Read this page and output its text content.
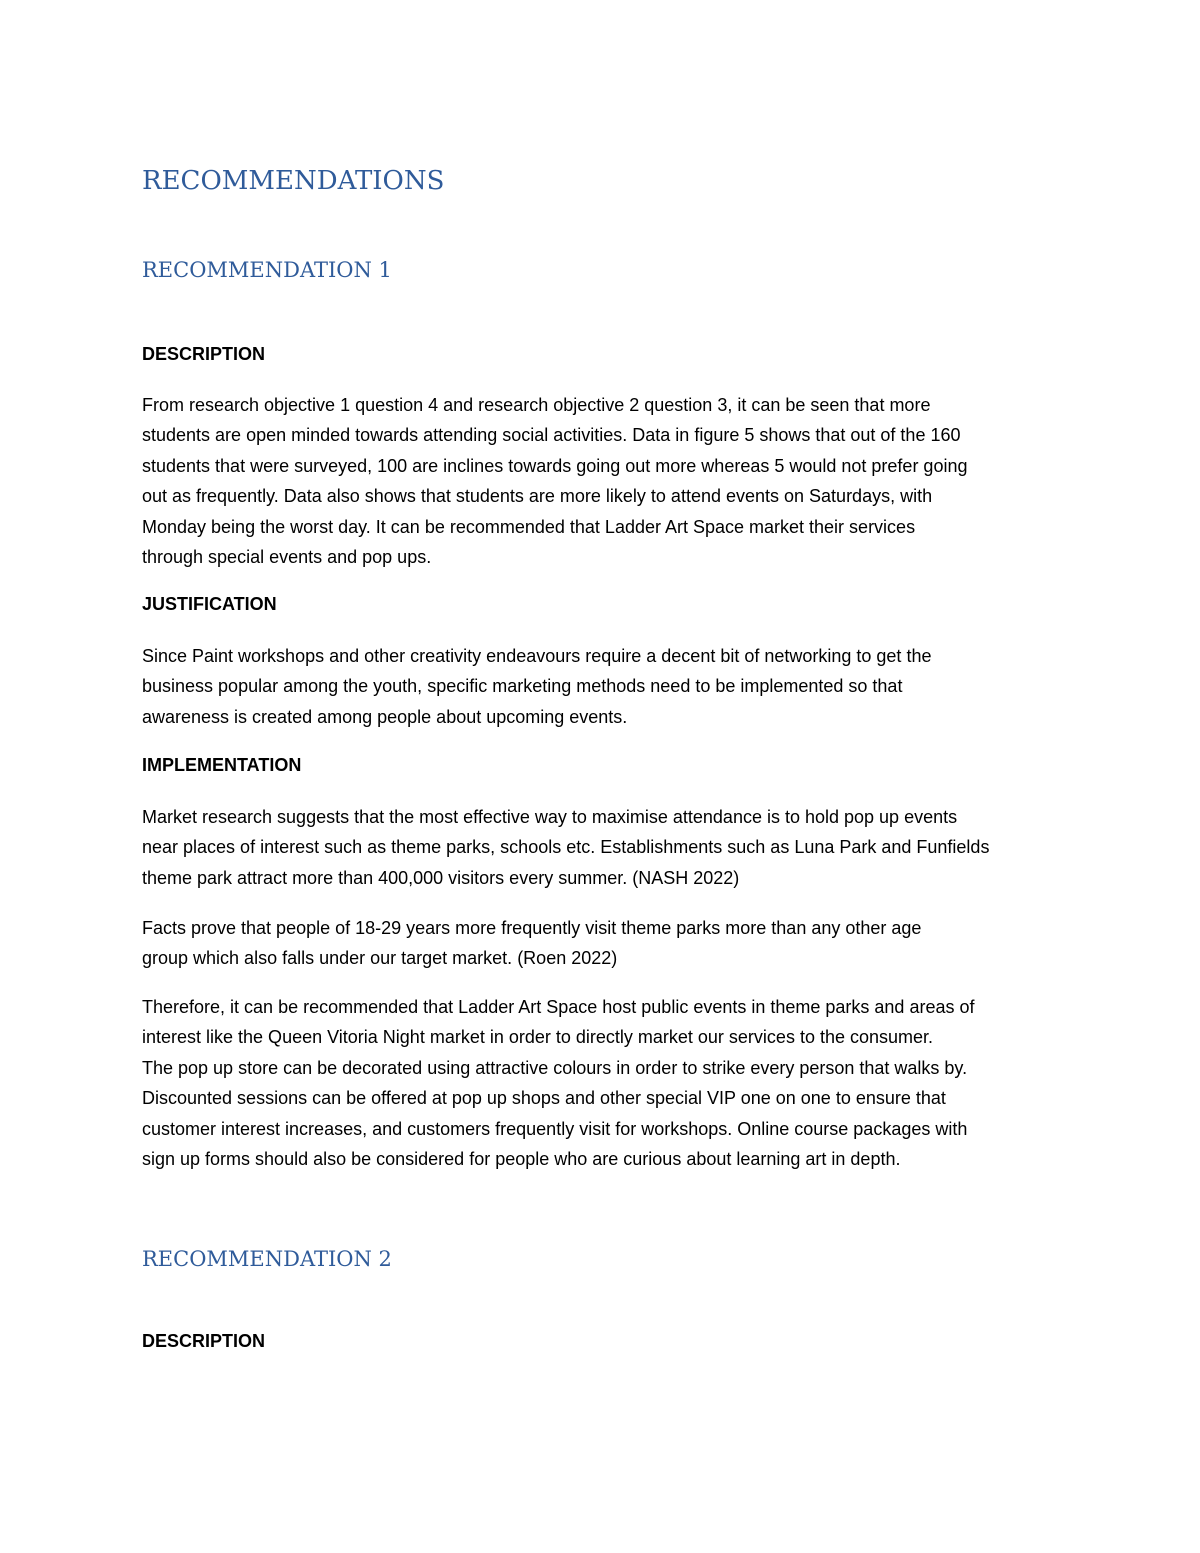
RECOMMENDATIONS
RECOMMENDATION 1
DESCRIPTION

From research objective 1 question 4 and research objective 2 question 3, it can be seen that more
students are open minded towards attending social activities. Data in figure 5 shows that out of the 160
students that were surveyed, 100 are inclines towards going out more whereas 5 would not prefer going
out as frequently. Data also shows that students are more likely to attend events on Saturdays, with
Monday being the worst day. It can be recommended that Ladder Art Space market their services
through special events and pop ups.

JUSTIFICATION

Since Paint workshops and other creativity endeavours require a decent bit of networking to get the
business popular among the youth, specific marketing methods need to be implemented so that
awareness is created among people about upcoming events.

IMPLEMENTATION

Market research suggests that the most effective way to maximise attendance is to hold pop up events
near places of interest such as theme parks, schools etc. Establishments such as Luna Park and Funfields
theme park attract more than 400,000 visitors every summer. (NASH 2022)

Facts prove that people of 18-29 years more frequently visit theme parks more than any other age
group which also falls under our target market. (Roen 2022)

Therefore, it can be recommended that Ladder Art Space host public events in theme parks and areas of
interest like the Queen Vitoria Night market in order to directly market our services to the consumer.
The pop up store can be decorated using attractive colours in order to strike every person that walks by.
Discounted sessions can be offered at pop up shops and other special VIP one on one to ensure that
customer interest increases, and customers frequently visit for workshops. Online course packages with
sign up forms should also be considered for people who are curious about learning art in depth.

RECOMMENDATION 2
DESCRIPTION
